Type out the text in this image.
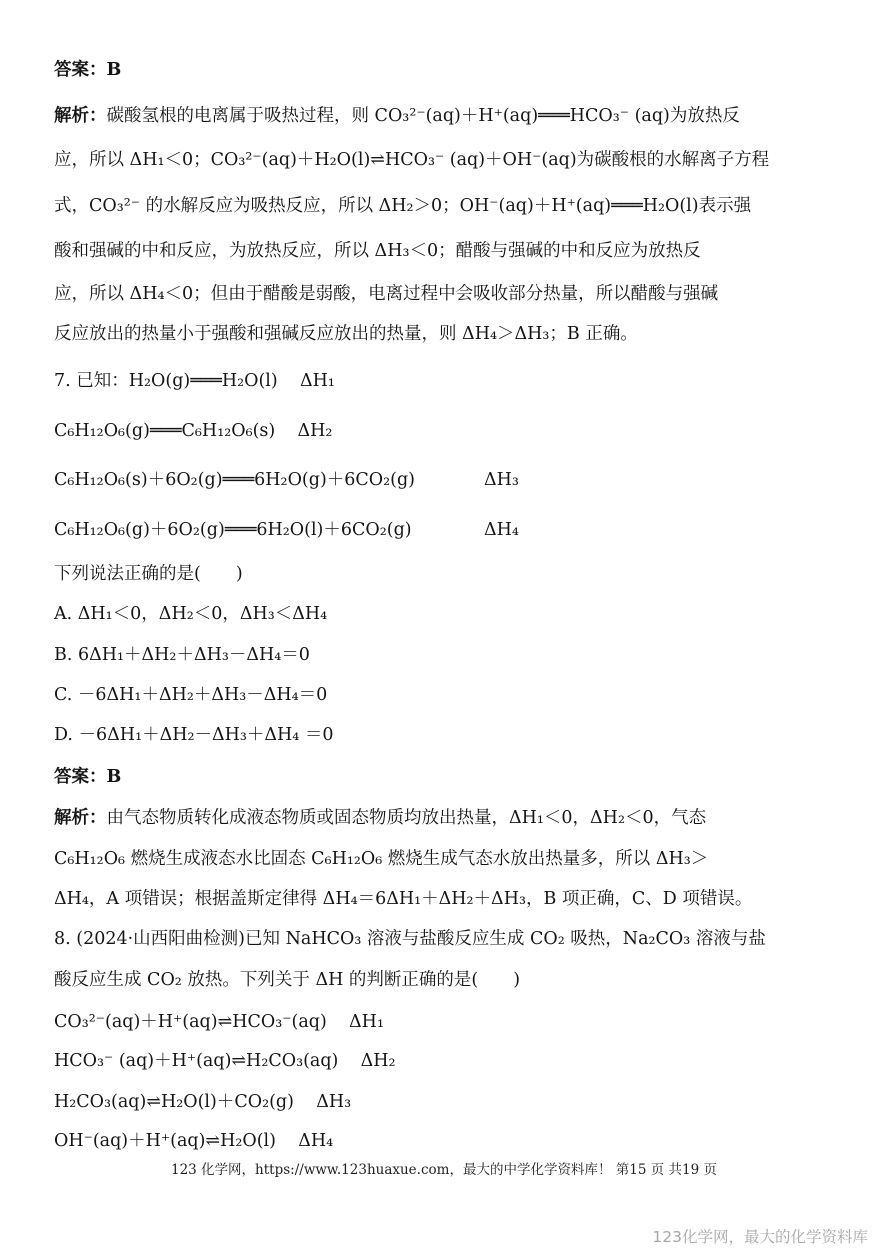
答案：B
解析：碳酸氢根的电离属于吸热过程，则 CO₃²⁻(aq)＋H⁺(aq)═══HCO₃⁻ (aq)为放热反
应，所以 ΔH₁＜0；CO₃²⁻(aq)＋H₂O(l)⇌HCO₃⁻ (aq)＋OH⁻(aq)为碳酸根的水解离子方程
式，CO₃²⁻ 的水解反应为吸热反应，所以 ΔH₂＞0；OH⁻(aq)＋H⁺(aq)═══H₂O(l)表示强
酸和强碱的中和反应，为放热反应，所以 ΔH₃＜0；醋酸与强碱的中和反应为放热反
应，所以 ΔH₄＜0；但由于醋酸是弱酸，电离过程中会吸收部分热量，所以醋酸与强碱
反应放出的热量小于强酸和强碱反应放出的热量，则 ΔH₄＞ΔH₃；B 正确。
7. 已知：H₂O(g)═══H₂O(l)    ΔH₁
C₆H₁₂O₆(g)═══C₆H₁₂O₆(s)    ΔH₂
C₆H₁₂O₆(s)＋6O₂(g)═══6H₂O(g)＋6CO₂(g)	ΔH₃
C₆H₁₂O₆(g)＋6O₂(g)═══6H₂O(l)＋6CO₂(g)	ΔH₄
下列说法正确的是(　　)
A. ΔH₁＜0，ΔH₂＜0，ΔH₃＜ΔH₄
B. 6ΔH₁＋ΔH₂＋ΔH₃－ΔH₄＝0
C. －6ΔH₁＋ΔH₂＋ΔH₃－ΔH₄＝0
D. －6ΔH₁＋ΔH₂－ΔH₃＋ΔH₄ ＝0
答案：B
解析：由气态物质转化成液态物质或固态物质均放出热量，ΔH₁＜0，ΔH₂＜0，气态
C₆H₁₂O₆ 燃烧生成液态水比固态 C₆H₁₂O₆ 燃烧生成气态水放出热量多，所以 ΔH₃＞
ΔH₄，A 项错误；根据盖斯定律得 ΔH₄＝6ΔH₁＋ΔH₂＋ΔH₃，B 项正确，C、D 项错误。
8. (2024·山西阳曲检测)已知 NaHCO₃ 溶液与盐酸反应生成 CO₂ 吸热，Na₂CO₃ 溶液与盐
酸反应生成 CO₂ 放热。下列关于 ΔH 的判断正确的是(　　)
CO₃²⁻(aq)＋H⁺(aq)⇌HCO₃⁻(aq)    ΔH₁
HCO₃⁻ (aq)＋H⁺(aq)⇌H₂CO₃(aq)    ΔH₂
H₂CO₃(aq)⇌H₂O(l)＋CO₂(g)    ΔH₃
OH⁻(aq)＋H⁺(aq)⇌H₂O(l)    ΔH₄
123 化学网，https://www.123huaxue.com，最大的中学化学资料库！ 第15 页 共19 页
123化学网，最大的化学资料库
